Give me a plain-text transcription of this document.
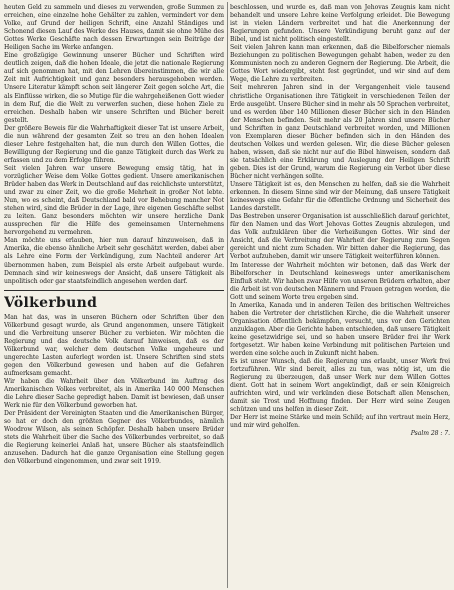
heuten Geld zu sammeln und dieses zu verwenden, große Summen zu erreichen, eine einzelne hohe Gehälter zu zahlen, vermindert vor dem Volke, auf Grund der heiligen Schrift, eine Anzahl Ständiges und Schonend diesen Lauf des Werke des Hauses, damit sie ohne Mühe des Gottes Werke Geschäfte nach dessen Erwartungen sein Beiträge der Heiligen Sache im Werke anfangen.

Eine großzügige Gewinnung unserer Bücher und Schriften wird deutlich zeigen, daß die hohen Ideale, die jetzt die nationale Regierung auf sich genommen hat, mit den Lehren übereinstimmen, die wir alle Zeit mit Aufrichtigkeit und ganz besonders herausgehoben werden. Unsere Literatur kämpft schon seit längerer Zeit gegen solche Art, die als Einflüsse wirken, die so Mutige für die wahrgeheißenen Gott wieder in dem Ruf, die die Welt zu verwerfen suchen, diese hohen Ziele zu erreichen. Deshalb haben wir unsere Schriften und Bücher bereit gestellt.

Der größere Beweis für die Wahrhaftigkeit dieser Tat ist unsere Arbeit, die nun während der gesamten Zeit so treu an den hohen Idealen dieser Lehre festgehalten hat, die nun durch den Willen Gottes, die Bewilligung der Regierung und die ganze Tätigkeit durch das Werk zu erfassen und zu dem Erfolge führen.

Seit vielen Jahren war unsere Bewegung emsig tätig, hat in vorzüglicher Weise dem Volke Gottes gedient. Unsere amerikanischen Brüder haben das Werk in Deutschland auf das reichlichste unterstützt, und zwar zu einer Zeit, wo die große Mehrheit in großer Not lebte. Nun, wo es scheint, daß Deutschland bald vor Behebung mancher Not stehen wird, sind die Brüder in der Lage, ihre eigenen Geschäfte selbst zu leiten. Ganz besonders möchten wir unsere herzliche Dank aussprechen für die Hilfe des gemeinsamen Unternehmens hervorgehend zu vermehren.

Man möchte uns erlauben, hier nun darauf hinzuweisen, daß in Amerika, die ebenso ähnliche Arbeit sehr geschätzt werden, dabei aber als Lehre eine Form der Verkündigung, zum Nachteil anderer Art übernommen haben, zum Beispiel als erste Arbeit aufgebaut wurde. Demnach sind wir keineswegs der Ansicht, daß unsere Tätigkeit als unpolitisch oder gar staatsfeindlich angesehen werden darf.

Völkerbund

Man hat das, was in unseren Büchern oder Schriften über den Völkerbund gesagt wurde, als Grund angenommen, unsere Tätigkeit und die Verbreitung unserer Bücher zu verbieten. Wir möchten die Regierung und das deutsche Volk darauf hinweisen, daß es der Völkerbund war, welcher dem deutschen Volke ungeheure und ungerechte Lasten auferlegt worden ist. Unsere Schriften sind stets gegen den Völkerbund gewesen und haben auf die Gefahren aufmerksam gemacht.

Wir haben die Wahrheit über den Völkerbund im Auftrag des Amerikanischen Volkes verbreitet, als in Amerika 140 000 Menschen die Lehre dieser Sache gepredigt haben. Damit ist bewiesen, daß unser Werk nie für den Völkerbund geworben hat.

Der Präsident der Vereinigten Staaten und die Amerikanischen Bürger, so hat er doch den größten Gegner des Völkerbundes, nämlich Woodrow Wilson, als seinen Schöpfer. Deshalb haben unsere Brüder stets die Wahrheit über die Sache des Völkerbundes verbreitet, so daß die Regierung keinerlei Anlaß hat, unsere Bücher als staatsfeindlich anzusehen. Dadurch hat die ganze Organisation eine Stellung gegen den Völkerbund eingenommen, und zwar seit 1919.

beschlossen, und wurde es, daß man von Jehovas Zeugnis kam nicht behandelt und unsere Lehre keine Verfolgung erleidet. Die Bewegung ist in vielen Ländern verbreitet und hat die Anerkennung der Regierungen gefunden. Unsere Verkündigung beruht ganz auf der Bibel, und ist nicht politisch eingestellt.

Seit vielen Jahren kann man erkennen, daß die Bibelforscher niemals Beziehungen zu politischen Bewegungen gehabt haben, weder zu den Kommunisten noch zu anderen Gegnern der Regierung. Die Arbeit, die Gottes Wort wiedergibt, steht fest gegründet, und wir sind auf dem Wege, die Lehre zu verbreiten.

Seit mehreren Jahren sind in der Vergangenheit viele tausend christliche Organisationen ihre Tätigkeit in verschiedenen Teilen der Erde ausgeübt. Unsere Bücher sind in mehr als 50 Sprachen verbreitet, und es werden über 140 Millionen dieser Bücher sich in den Händen der Menschen befinden. Seit mehr als 20 Jahren sind unsere Bücher und Schriften in ganz Deutschland verbreitet worden, und Millionen von Exemplaren dieser Bücher befinden sich in den Händen des deutschen Volkes und werden gelesen. Wir, die diese Bücher gelesen haben, wissen, daß sie nicht nur auf die Bibel hinweisen, sondern daß sie tatsächlich eine Erklärung und Auslegung der Heiligen Schrift geben. Dies ist der Grund, warum die Regierung ein Verbot über diese Bücher nicht verhängen sollte.

Unsere Tätigkeit ist es, den Menschen zu helfen, daß sie die Wahrheit erkennen. In diesem Sinne sind wir der Meinung, daß unsere Tätigkeit keineswegs eine Gefahr für die öffentliche Ordnung und Sicherheit des Landes darstellt.

Das Bestreben unserer Organisation ist ausschließlich darauf gerichtet, für den Namen und das Wort Jehovas Gottes Zeugnis abzulegen, und das Volk aufzuklären über die Verheißungen Gottes. Wir sind der Ansicht, daß die Verbreitung der Wahrheit der Regierung zum Segen gereicht und nicht zum Schaden. Wir bitten daher die Regierung, das Verbot aufzuheben, damit wir unsere Tätigkeit weiterführen können.

Im Interesse der Wahrheit möchten wir betonen, daß das Werk der Bibelforscher in Deutschland keineswegs unter amerikanischem Einfluß steht. Wir haben zwar Hilfe von unseren Brüdern erhalten, aber die Arbeit ist von deutschen Männern und Frauen getragen worden, die Gott und seinem Worte treu ergeben sind.

In Amerika, Kanada und in anderen Teilen des britischen Weltreiches haben die Vertreter der christlichen Kirche, die die Wahrheit unserer Organisation öffentlich bekämpfen, versucht, uns vor den Gerichten anzuklagen. Aber die Gerichte haben entschieden, daß unsere Tätigkeit keine gesetzwidrige sei, und so haben unsere Brüder frei ihr Werk fortgesetzt. Wir haben keine Verbindung mit politischen Parteien und werden eine solche auch in Zukunft nicht haben.

Es ist unser Wunsch, daß die Regierung uns erlaubt, unser Werk frei fortzuführen. Wir sind bereit, alles zu tun, was nötig ist, um die Regierung zu überzeugen, daß unser Werk nur dem Willen Gottes dient. Gott hat in seinem Wort angekündigt, daß er sein Königreich aufrichten wird, und wir verkünden diese Botschaft allen Menschen, damit sie Trost und Hoffnung finden. Der Herr wird seine Zeugen schützen und uns helfen in dieser Zeit.

Der Herr ist meine Stärke und mein Schild; auf ihn vertraut mein Herz, und mir wird geholfen.

Psalm 28 : 7.
